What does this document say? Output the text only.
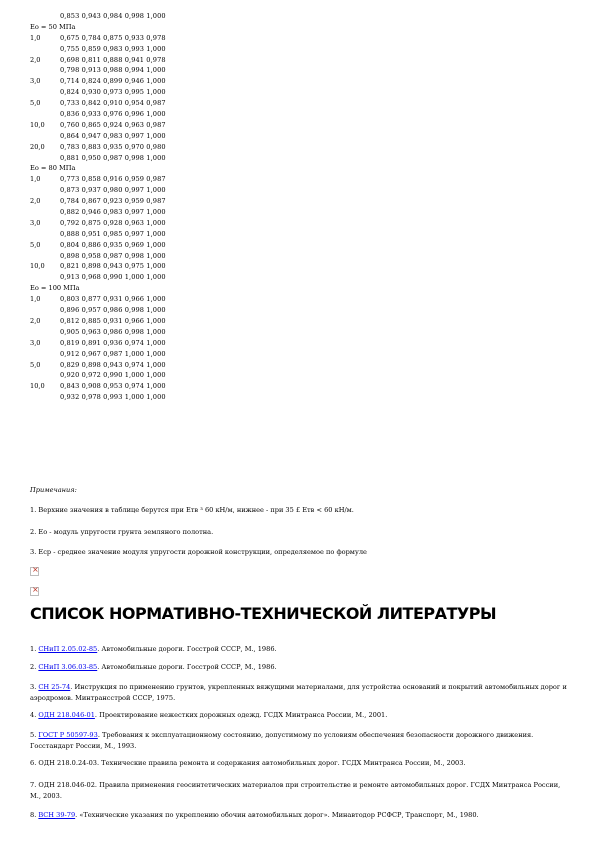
0,853 0,943 0,984 0,998 1,000
Eo = 50 МПа
1,0	0,675 0,784 0,875 0,933 0,978
0,755 0,859 0,983 0,993 1,000
2,0	0,698 0,811 0,888 0,941 0,978
0,798 0,913 0,988 0,994 1,000
3,0	0,714 0,824 0,899 0,946 1,000
0,824 0,930 0,973 0,995 1,000
5,0	0,733 0,842 0,910 0,954 0,987
0,836 0,933 0,976 0,996 1,000
10,0 0,760 0,865 0,924 0,963 0,987
0,864 0,947 0,983 0,997 1,000
20,0 0,783 0,883 0,935 0,970 0,980
0,881 0,950 0,987 0,998 1,000
Eo = 80 МПа
1,0	0,773 0,858 0,916 0,959 0,987
0,873 0,937 0,980 0,997 1,000
2,0	0,784 0,867 0,923 0,959 0,987
0,882 0,946 0,983 0,997 1,000
3,0	0,792 0,875 0,928 0,963 1,000
0,888 0,951 0,985 0,997 1,000
5,0	0,804 0,886 0,935 0,969 1,000
0,898 0,958 0,987 0,998 1,000
10,0 0,821 0,898 0,943 0,975 1,000
0,913 0,968 0,990 1,000 1,000
Eo = 100 МПа
1,0	0,803 0,877 0,931 0,966 1,000
0,896 0,957 0,986 0,998 1,000
2,0	0,812 0,885 0,931 0,966 1,000
0,905 0,963 0,986 0,998 1,000
3,0	0,819 0,891 0,936 0,974 1,000
0,912 0,967 0,987 1,000 1,000
5,0	0,829 0,898 0,943 0,974 1,000
0,920 0,972 0,990 1,000 1,000
10,0 0,843 0,908 0,953 0,974 1,000
0,932 0,978 0,993 1,000 1,000
Примечания:
1. Верхние значения в таблице берутся при Eтв ³ 60 кН/м, нижнее - при 35 £ Eтв < 60 кН/м.
2. Eo - модуль упругости грунта земляного полотна.
3. Eср - среднее значение модуля упругости дорожной конструкции, определяемое по формуле
×
×
СПИСОК НОРМАТИВНО-ТЕХНИЧЕСКОЙ ЛИТЕРАТУРЫ
1. СНиП 2.05.02-85. Автомобильные дороги. Госстрой СССР, М., 1986.
2. СНиП 3.06.03-85. Автомобильные дороги. Госстрой СССР, М., 1986.
3. СН 25-74. Инструкция по применению грунтов, укрепленных вяжущими материалами, для устройства оснований и покрытий автомобильных дорог и аэродромов. Минтрансстрой СССР, 1975.
4. ОДН 218.046-01. Проектирование нежестких дорожных одежд. ГСДХ Минтранса России, М., 2001.
5. ГОСТ Р 50597-93. Требования к эксплуатационному состоянию, допустимому по условиям обеспечения безопасности дорожного движения. Госстандарт России, М., 1993.
6. ОДН 218.0.24-03. Технические правила ремонта и содержания автомобильных дорог. ГСДХ Минтранса России, М., 2003.
7. ОДН 218.046-02. Правила применения геосинтетических материалов при строительстве и ремонте автомобильных дорог. ГСДХ Минтранса России, М., 2003.
8. ВСН 39-79. «Технические указания по укреплению обочин автомобильных дорог». Минавтодор РСФСР, Транспорт, М., 1980.
